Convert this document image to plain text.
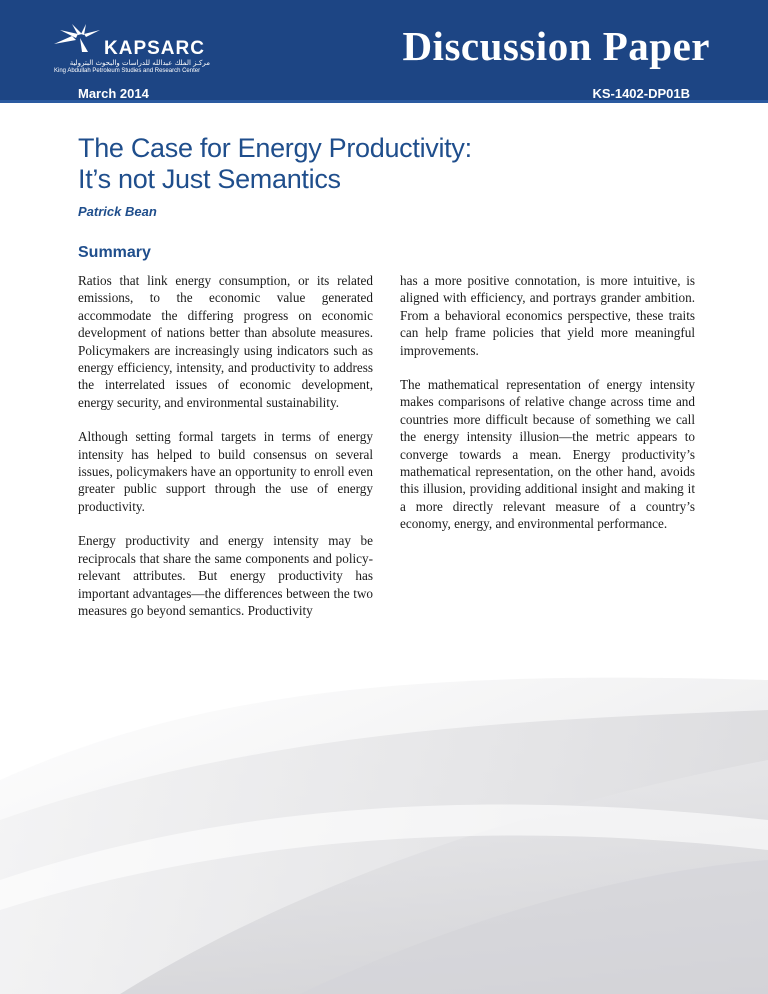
KAPSARC
مركـز الملك عبدالله للدراسات والبحوث البترولية
King Abdullah Petroleum Studies and Research Center
Discussion Paper
March 2014	KS-1402-DP01B
The Case for Energy Productivity:
It’s not Just Semantics
Patrick Bean
Summary

Ratios that link energy consumption, or its related emissions, to the economic value generated accommodate the differing progress on economic development of nations better than absolute measures. Policymakers are increasingly using indicators such as energy efficiency, intensity, and productivity to address the interrelated issues of economic development, energy security, and environmental sustainability.

Although setting formal targets in terms of energy intensity has helped to build consensus on several issues, policymakers have an opportunity to enroll even greater public support through the use of energy productivity.

Energy productivity and energy intensity may be reciprocals that share the same components and policy-relevant attributes. But energy productivity has important advantages—the differences between the two measures go beyond semantics. Productivity

has a more positive connotation, is more intuitive, is aligned with efficiency, and portrays grander ambition. From a behavioral economics perspective, these traits can help frame policies that yield more meaningful improvements.

The mathematical representation of energy intensity makes comparisons of relative change across time and countries more difficult because of something we call the energy intensity illusion—the metric appears to converge towards a mean. Energy productivity’s mathematical representation, on the other hand, avoids this illusion, providing additional insight and making it a more directly relevant measure of a country’s economy, energy, and environmental performance.
